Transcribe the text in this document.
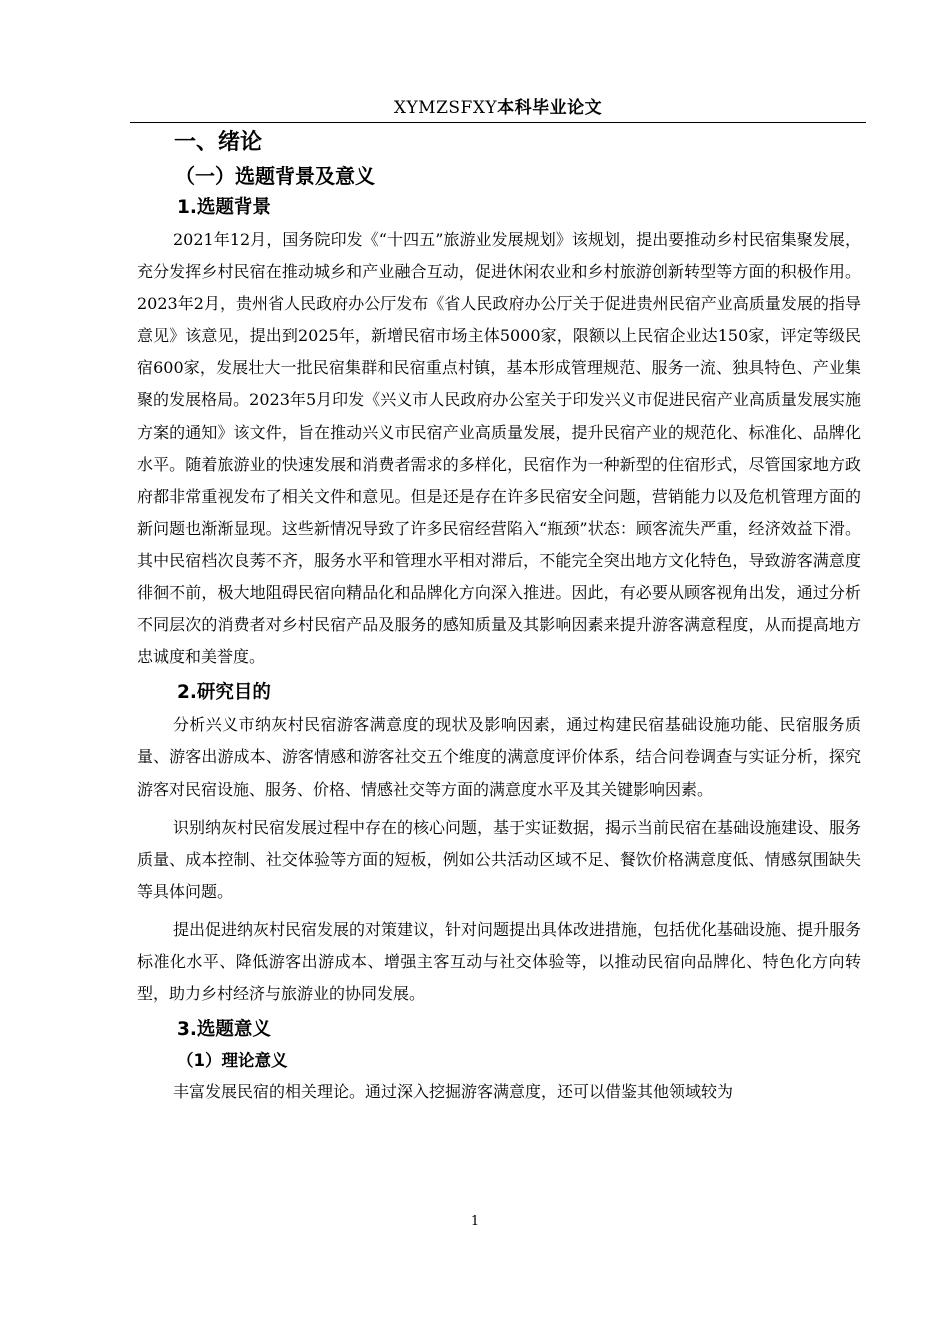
XYMZSFXY本科毕业论文
一、绪论
（一）选题背景及意义
1.选题背景

2021年12月，国务院印发《“十四五”旅游业发展规划》该规划，提出要推动乡村民宿集聚发展，充分发挥乡村民宿在推动城乡和产业融合互动，促进休闲农业和乡村旅游创新转型等方面的积极作用。2023年2月，贵州省人民政府办公厅发布《省人民政府办公厅关于促进贵州民宿产业高质量发展的指导意见》该意见，提出到2025年，新增民宿市场主体5000家，限额以上民宿企业达150家，评定等级民宿600家，发展壮大一批民宿集群和民宿重点村镇，基本形成管理规范、服务一流、独具特色、产业集聚的发展格局。2023年5月印发《兴义市人民政府办公室关于印发兴义市促进民宿产业高质量发展实施方案的通知》该文件，旨在推动兴义市民宿产业高质量发展，提升民宿产业的规范化、标准化、品牌化水平。随着旅游业的快速发展和消费者需求的多样化，民宿作为一种新型的住宿形式，尽管国家地方政府都非常重视发布了相关文件和意见。但是还是存在许多民宿安全问题，营销能力以及危机管理方面的新问题也渐渐显现。这些新情况导致了许多民宿经营陷入“瓶颈”状态：顾客流失严重，经济效益下滑。其中民宿档次良莠不齐，服务水平和管理水平相对滞后，不能完全突出地方文化特色，导致游客满意度徘徊不前，极大地阻碍民宿向精品化和品牌化方向深入推进。因此，有必要从顾客视角出发，通过分析不同层次的消费者对乡村民宿产品及服务的感知质量及其影响因素来提升游客满意程度，从而提高地方忠诚度和美誉度。

2.研究目的

分析兴义市纳灰村民宿游客满意度的现状及影响因素，通过构建民宿基础设施功能、民宿服务质量、游客出游成本、游客情感和游客社交五个维度的满意度评价体系，结合问卷调查与实证分析，探究游客对民宿设施、服务、价格、情感社交等方面的满意度水平及其关键影响因素。

识别纳灰村民宿发展过程中存在的核心问题，基于实证数据，揭示当前民宿在基础设施建设、服务质量、成本控制、社交体验等方面的短板，例如公共活动区域不足、餐饮价格满意度低、情感氛围缺失等具体问题。

提出促进纳灰村民宿发展的对策建议，针对问题提出具体改进措施，包括优化基础设施、提升服务标准化水平、降低游客出游成本、增强主客互动与社交体验等，以推动民宿向品牌化、特色化方向转型，助力乡村经济与旅游业的协同发展。

3.选题意义
（1）理论意义

丰富发展民宿的相关理论。通过深入挖掘游客满意度，还可以借鉴其他领域较为

1
